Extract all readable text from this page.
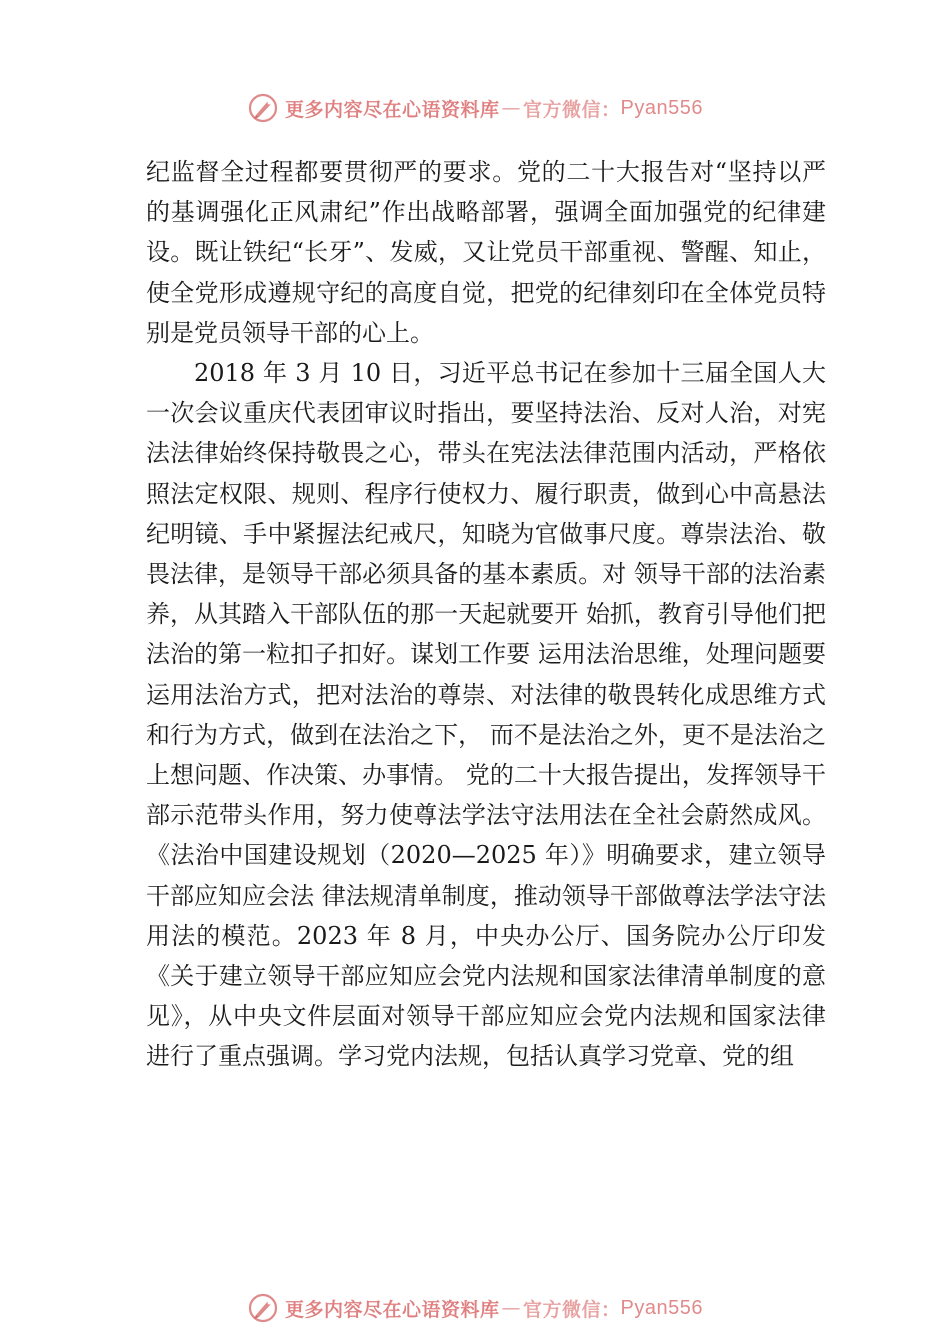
更多内容尽在心语资料库 — 官方微信： Pyan556

纪监督全过程都要贯彻严的要求。党的二十大报告对“坚持以严的基调强化正风肃纪”作出战略部署，强调全面加强党的纪律建设。既让铁纪“长牙”、发威，又让党员干部重视、警醒、知止，使全党形成遵规守纪的高度自觉，把党的纪律刻印在全体党员特别是党员领导干部的心上。

2018 年 3 月 10 日，习近平总书记在参加十三届全国人大一次会议重庆代表团审议时指出，要坚持法治、反对人治，对宪法法律始终保持敬畏之心，带头在宪法法律范围内活动，严格依照法定权限、规则、程序行使权力、履行职责，做到心中高悬法纪明镜、手中紧握法纪戒尺，知晓为官做事尺度。尊崇法治、敬畏法律，是领导干部必须具备的基本素质。对 领导干部的法治素养，从其踏入干部队伍的那一天起就要开 始抓，教育引导他们把法治的第一粒扣子扣好。谋划工作要 运用法治思维，处理问题要运用法治方式，把对法治的尊崇、对法律的敬畏转化成思维方式和行为方式，做到在法治之下， 而不是法治之外，更不是法治之上想问题、作决策、办事情。 党的二十大报告提出，发挥领导干部示范带头作用，努力使尊法学法守法用法在全社会蔚然成风。《法治中国建设规划（2020—2025 年）》明确要求，建立领导干部应知应会法 律法规清单制度，推动领导干部做尊法学法守法用法的模范。2023 年 8 月，中央办公厅、国务院办公厅印发《关于建立领导干部应知应会党内法规和国家法律清单制度的意见》，从中央文件层面对领导干部应知应会党内法规和国家法律进行了重点强调。学习党内法规，包括认真学习党章、党的组

更多内容尽在心语资料库 — 官方微信： Pyan556
